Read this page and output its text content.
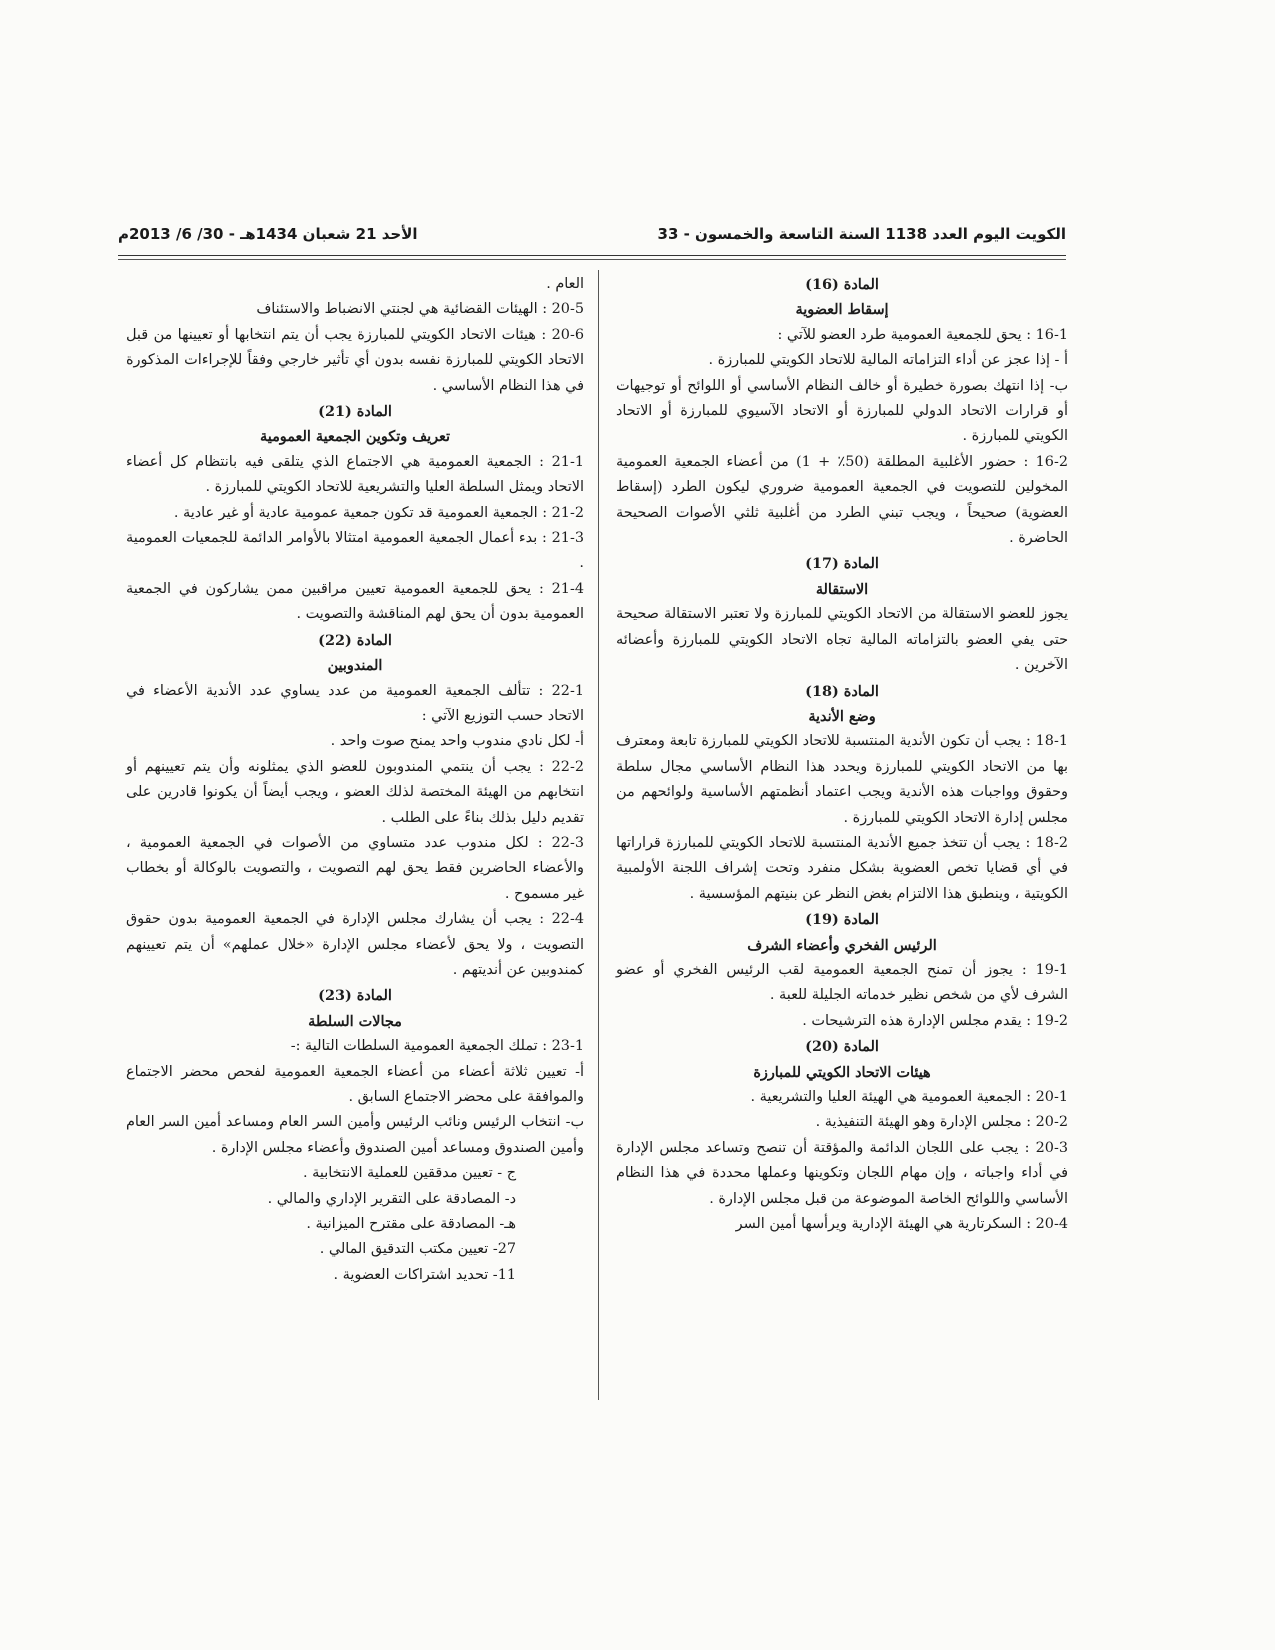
الكويت اليوم العدد 1138 السنة التاسعة والخمسون - 33
الأحد 21 شعبان 1434هـ - 30/ 6/ 2013م

المادة (16)

إسقاط العضوية

16-1 : يحق للجمعية العمومية طرد العضو للآتي :

أ - إذا عجز عن أداء التزاماته المالية للاتحاد الكويتي للمبارزة .

ب- إذا انتهك بصورة خطيرة أو خالف النظام الأساسي أو اللوائح أو توجيهات أو قرارات الاتحاد الدولي للمبارزة أو الاتحاد الآسيوي للمبارزة أو الاتحاد الكويتي للمبارزة .

16-2 : حضور الأغلبية المطلقة (50٪ + 1) من أعضاء الجمعية العمومية المخولين للتصويت في الجمعية العمومية ضروري ليكون الطرد (إسقاط العضوية) صحيحاً ، ويجب تبني الطرد من أغلبية ثلثي الأصوات الصحيحة الحاضرة .

المادة (17)

الاستقالة

يجوز للعضو الاستقالة من الاتحاد الكويتي للمبارزة ولا تعتبر الاستقالة صحيحة حتى يفي العضو بالتزاماته المالية تجاه الاتحاد الكويتي للمبارزة وأعضائه الآخرين .

المادة (18)

وضع الأندية

18-1 : يجب أن تكون الأندية المنتسبة للاتحاد الكويتي للمبارزة تابعة ومعترف بها من الاتحاد الكويتي للمبارزة ويحدد هذا النظام الأساسي مجال سلطة وحقوق وواجبات هذه الأندية ويجب اعتماد أنظمتهم الأساسية ولوائحهم من مجلس إدارة الاتحاد الكويتي للمبارزة .

18-2 : يجب أن تتخذ جميع الأندية المنتسبة للاتحاد الكويتي للمبارزة قراراتها في أي قضايا تخص العضوية بشكل منفرد وتحت إشراف اللجنة الأولمبية الكويتية ، وينطبق هذا الالتزام بغض النظر عن بنيتهم المؤسسية .

المادة (19)

الرئيس الفخري وأعضاء الشرف

19-1 : يجوز أن تمنح الجمعية العمومية لقب الرئيس الفخري أو عضو الشرف لأي من شخص نظير خدماته الجليلة للعبة .

19-2 : يقدم مجلس الإدارة هذه الترشيحات .

المادة (20)

هيئات الاتحاد الكويتي للمبارزة

20-1 : الجمعية العمومية هي الهيئة العليا والتشريعية .

20-2 : مجلس الإدارة وهو الهيئة التنفيذية .

20-3 : يجب على اللجان الدائمة والمؤقتة أن تنصح وتساعد مجلس الإدارة في أداء واجباته ، وإن مهام اللجان وتكوينها وعملها محددة في هذا النظام الأساسي واللوائح الخاصة الموضوعة من قبل مجلس الإدارة .

20-4 : السكرتارية هي الهيئة الإدارية ويرأسها أمين السر

العام .

20-5 : الهيئات القضائية هي لجنتي الانضباط والاستئناف

20-6 : هيئات الاتحاد الكويتي للمبارزة يجب أن يتم انتخابها أو تعيينها من قبل الاتحاد الكويتي للمبارزة نفسه بدون أي تأثير خارجي وفقاً للإجراءات المذكورة في هذا النظام الأساسي .

المادة (21)

تعريف وتكوين الجمعية العمومية

21-1 : الجمعية العمومية هي الاجتماع الذي يتلقى فيه بانتظام كل أعضاء الاتحاد ويمثل السلطة العليا والتشريعية للاتحاد الكويتي للمبارزة .

21-2 : الجمعية العمومية قد تكون جمعية عمومية عادية أو غير عادية .

21-3 : بدء أعمال الجمعية العمومية امتثالا بالأوامر الدائمة للجمعيات العمومية .

21-4 : يحق للجمعية العمومية تعيين مراقبين ممن يشاركون في الجمعية العمومية بدون أن يحق لهم المناقشة والتصويت .

المادة (22)

المندوبين

22-1 : تتألف الجمعية العمومية من عدد يساوي عدد الأندية الأعضاء في الاتحاد حسب التوزيع الآتي :

أ- لكل نادي مندوب واحد يمنح صوت واحد .

22-2 : يجب أن ينتمي المندوبون للعضو الذي يمثلونه وأن يتم تعيينهم أو انتخابهم من الهيئة المختصة لذلك العضو ، ويجب أيضاً أن يكونوا قادرين على تقديم دليل بذلك بناءً على الطلب .

22-3 : لكل مندوب عدد متساوي من الأصوات في الجمعية العمومية ، والأعضاء الحاضرين فقط يحق لهم التصويت ، والتصويت بالوكالة أو بخطاب غير مسموح .

22-4 : يجب أن يشارك مجلس الإدارة في الجمعية العمومية بدون حقوق التصويت ، ولا يحق لأعضاء مجلس الإدارة «خلال عملهم» أن يتم تعيينهم كمندوبين عن أنديتهم .

المادة (23)

مجالات السلطة

23-1 : تملك الجمعية العمومية السلطات التالية :-

أ- تعيين ثلاثة أعضاء من أعضاء الجمعية العمومية لفحص محضر الاجتماع والموافقة على محضر الاجتماع السابق .

ب- انتخاب الرئيس ونائب الرئيس وأمين السر العام ومساعد أمين السر العام وأمين الصندوق ومساعد أمين الصندوق وأعضاء مجلس الإدارة .

ج - تعيين مدققين للعملية الانتخابية .

د- المصادقة على التقرير الإداري والمالي .

هـ- المصادقة على مقترح الميزانية .

27- تعيين مكتب التدقيق المالي .

11- تحديد اشتراكات العضوية .
